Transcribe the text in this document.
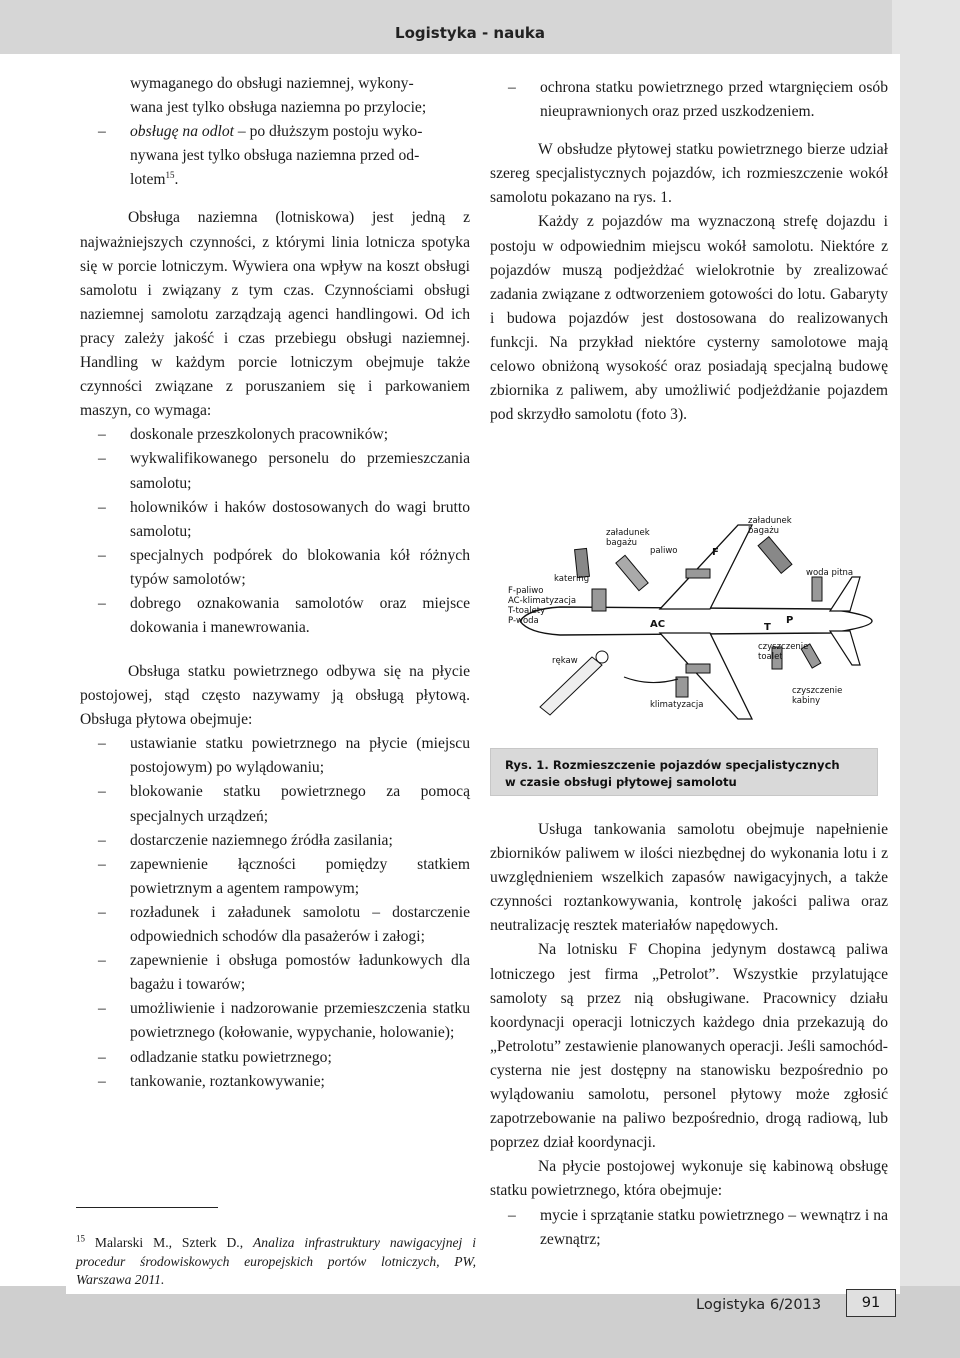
Logistyka - nauka
wymaganego do obsługi naziemnej, wykony-
wana jest tylko obsługa naziemna po przylocie;
– obsługę na odlot – po dłuższym postoju wyko-
nywana jest tylko obsługa naziemna przed od-
lotem$^{15}$.

Obsługa naziemna (lotniskowa) jest jedną z najważniejszych czynności, z którymi linia lotnicza spotyka się w porcie lotniczym. Wywiera ona wpływ na koszt obsługi samolotu i związany z tym czas. Czynnościami obsługi naziemnej samolotu zarządzają agenci handlingowi. Od ich pracy zależy jakość i czas przebiegu obsługi naziemnej. Handling w każdym porcie lotniczym obejmuje także czynności związane z poruszaniem się i parkowaniem maszyn, co wymaga:

– doskonale przeszkolonych pracowników;
– wykwalifikowanego personelu do przemieszczania samolotu;
– holowników i haków dostosowanych do wagi brutto samolotu;
– specjalnych podpórek do blokowania kół różnych typów samolotów;
– dobrego oznakowania samolotów oraz miejsce dokowania i manewrowania.

Obsługa statku powietrznego odbywa się na płycie postojowej, stąd często nazywamy ją obsługą płytową. Obsługa płytowa obejmuje:

– ustawianie statku powietrznego na płycie (miejscu postojowym) po wylądowaniu;
– blokowanie statku powietrznego za pomocą specjalnych urządzeń;
– dostarczenie naziemnego źródła zasilania;
– zapewnienie łączności pomiędzy statkiem powietrznym a agentem rampowym;
– rozładunek i załadunek samolotu – dostarczenie odpowiednich schodów dla pasażerów i załogi;
– zapewnienie i obsługa pomostów ładunkowych dla bagażu i towarów;
– umożliwienie i nadzorowanie przemieszczenia statku powietrznego (kołowanie, wypychanie, holowanie);
– odladzanie statku powietrznego;
– tankowanie, roztankowywanie;
$^{15}$ Malarski M., Szterk D., Analiza infrastruktury nawigacyjnej i procedur środowiskowych europejskich portów lotniczych, PW, Warszawa 2011.
– ochrona statku powietrznego przed wtargnięciem osób nieuprawnionych oraz przed uszkodzeniem.

W obsłudze płytowej statku powietrznego bierze udział szereg specjalistycznych pojazdów, ich rozmieszczenie wokół samolotu pokazano na rys. 1.

Każdy z pojazdów ma wyznaczoną strefę dojazdu i postoju w odpowiednim miejscu wokół samolotu. Niektóre z pojazdów muszą podjeżdżać wielokrotnie by zrealizować zadania związane z odtworzeniem gotowości do lotu. Gabaryty i budowa pojazdów jest dostosowana do realizowanych funkcji. Na przykład niektóre cysterny samolotowe mają celowo obniżoną wysokość oraz posiadają specjalną budowę zbiornika z paliwem, aby umożliwić podjeżdżanie pojazdem pod skrzydło samolotu (foto 3).

załadunek bagażu
paliwo
załadunek bagażu
katering
woda pitna
rękaw
klimatyzacja
czyszczenie toalet
czyszczenie kabiny
F
AC	T
P
F-paliwo
AC-klimatyzacja
T-toalety
P-woda
Rys. 1. Rozmieszczenie pojazdów specjalistycznych
w czasie obsługi płytowej samolotu

Usługa tankowania samolotu obejmuje napełnienie zbiorników paliwem w ilości niezbędnej do wykonania lotu i z uwzględnieniem wszelkich zapasów nawigacyjnych, a także czynności roztankowywania, kontrolę jakości paliwa oraz neutralizację resztek materiałów napędowych.

Na lotnisku F Chopina jedynym dostawcą paliwa lotniczego jest firma „Petrolot”. Wszystkie przylatujące samoloty są przez nią obsługiwane. Pracownicy działu koordynacji operacji lotniczych każdego dnia przekazują do „Petrolotu” zestawienie planowanych operacji. Jeśli samochód-cysterna nie jest dostępny na stanowisku bezpośrednio po wylądowaniu samolotu, personel płytowy może zgłosić zapotrzebowanie na paliwo bezpośrednio, drogą radiową, lub poprzez dział koordynacji.

Na płycie postojowej wykonuje się kabinową obsługę statku powietrznego, która obejmuje:

– mycie i sprzątanie statku powietrznego – wewnątrz i na zewnątrz;
Logistyka 6/2013	91
